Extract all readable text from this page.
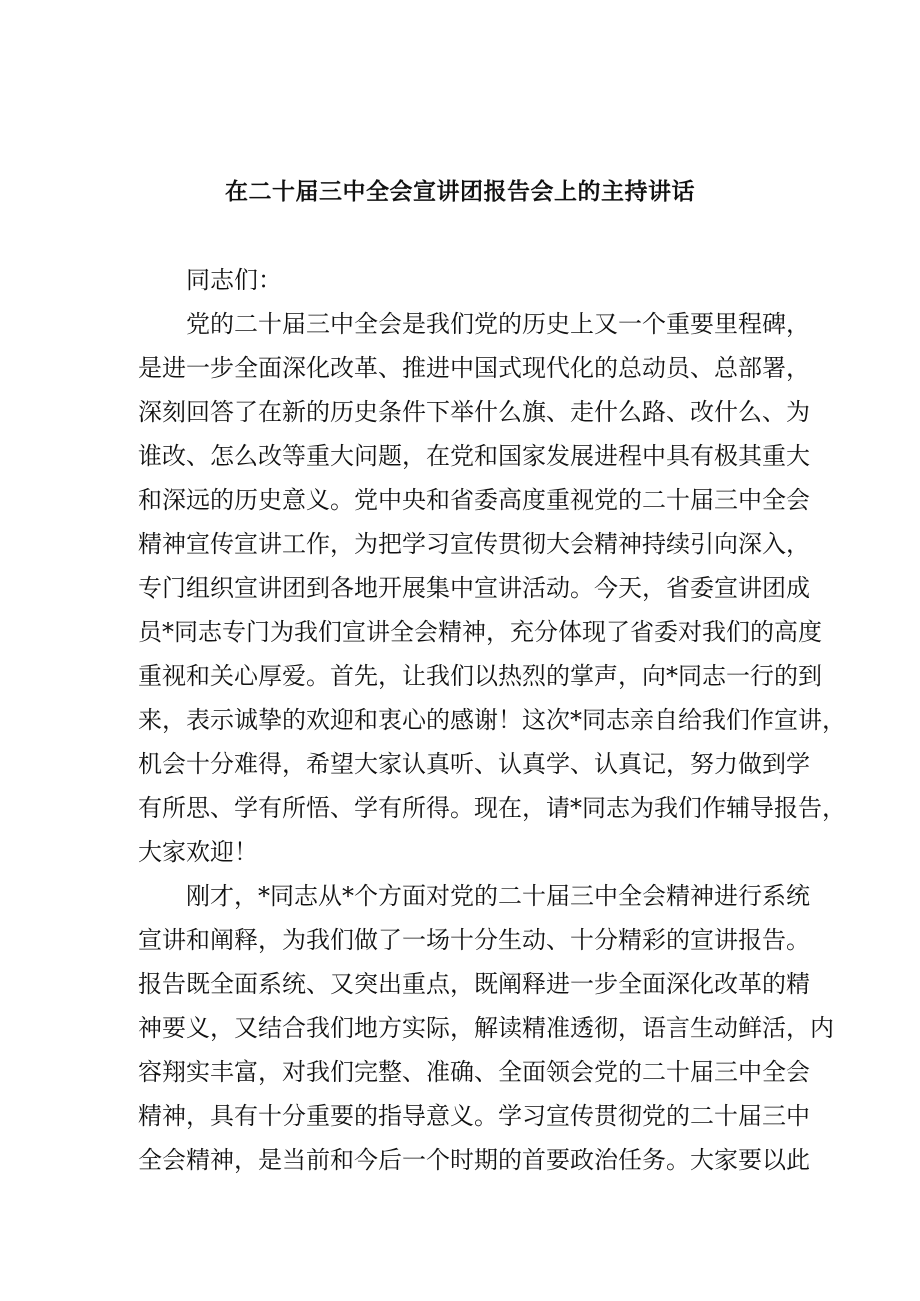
在二十届三中全会宣讲团报告会上的主持讲话
同志们：
党的二十届三中全会是我们党的历史上又一个重要里程碑，
是进一步全面深化改革、推进中国式现代化的总动员、总部署，
深刻回答了在新的历史条件下举什么旗、走什么路、改什么、为
谁改、怎么改等重大问题，在党和国家发展进程中具有极其重大
和深远的历史意义。党中央和省委高度重视党的二十届三中全会
精神宣传宣讲工作，为把学习宣传贯彻大会精神持续引向深入，
专门组织宣讲团到各地开展集中宣讲活动。今天，省委宣讲团成
员*同志专门为我们宣讲全会精神，充分体现了省委对我们的高度
重视和关心厚爱。首先，让我们以热烈的掌声，向*同志一行的到
来，表示诚挚的欢迎和衷心的感谢！这次*同志亲自给我们作宣讲，
机会十分难得，希望大家认真听、认真学、认真记，努力做到学
有所思、学有所悟、学有所得。现在，请*同志为我们作辅导报告，
大家欢迎！
刚才，*同志从*个方面对党的二十届三中全会精神进行系统
宣讲和阐释，为我们做了一场十分生动、十分精彩的宣讲报告。
报告既全面系统、又突出重点，既阐释进一步全面深化改革的精
神要义，又结合我们地方实际，解读精准透彻，语言生动鲜活，内
容翔实丰富，对我们完整、准确、全面领会党的二十届三中全会
精神，具有十分重要的指导意义。学习宣传贯彻党的二十届三中
全会精神，是当前和今后一个时期的首要政治任务。大家要以此
